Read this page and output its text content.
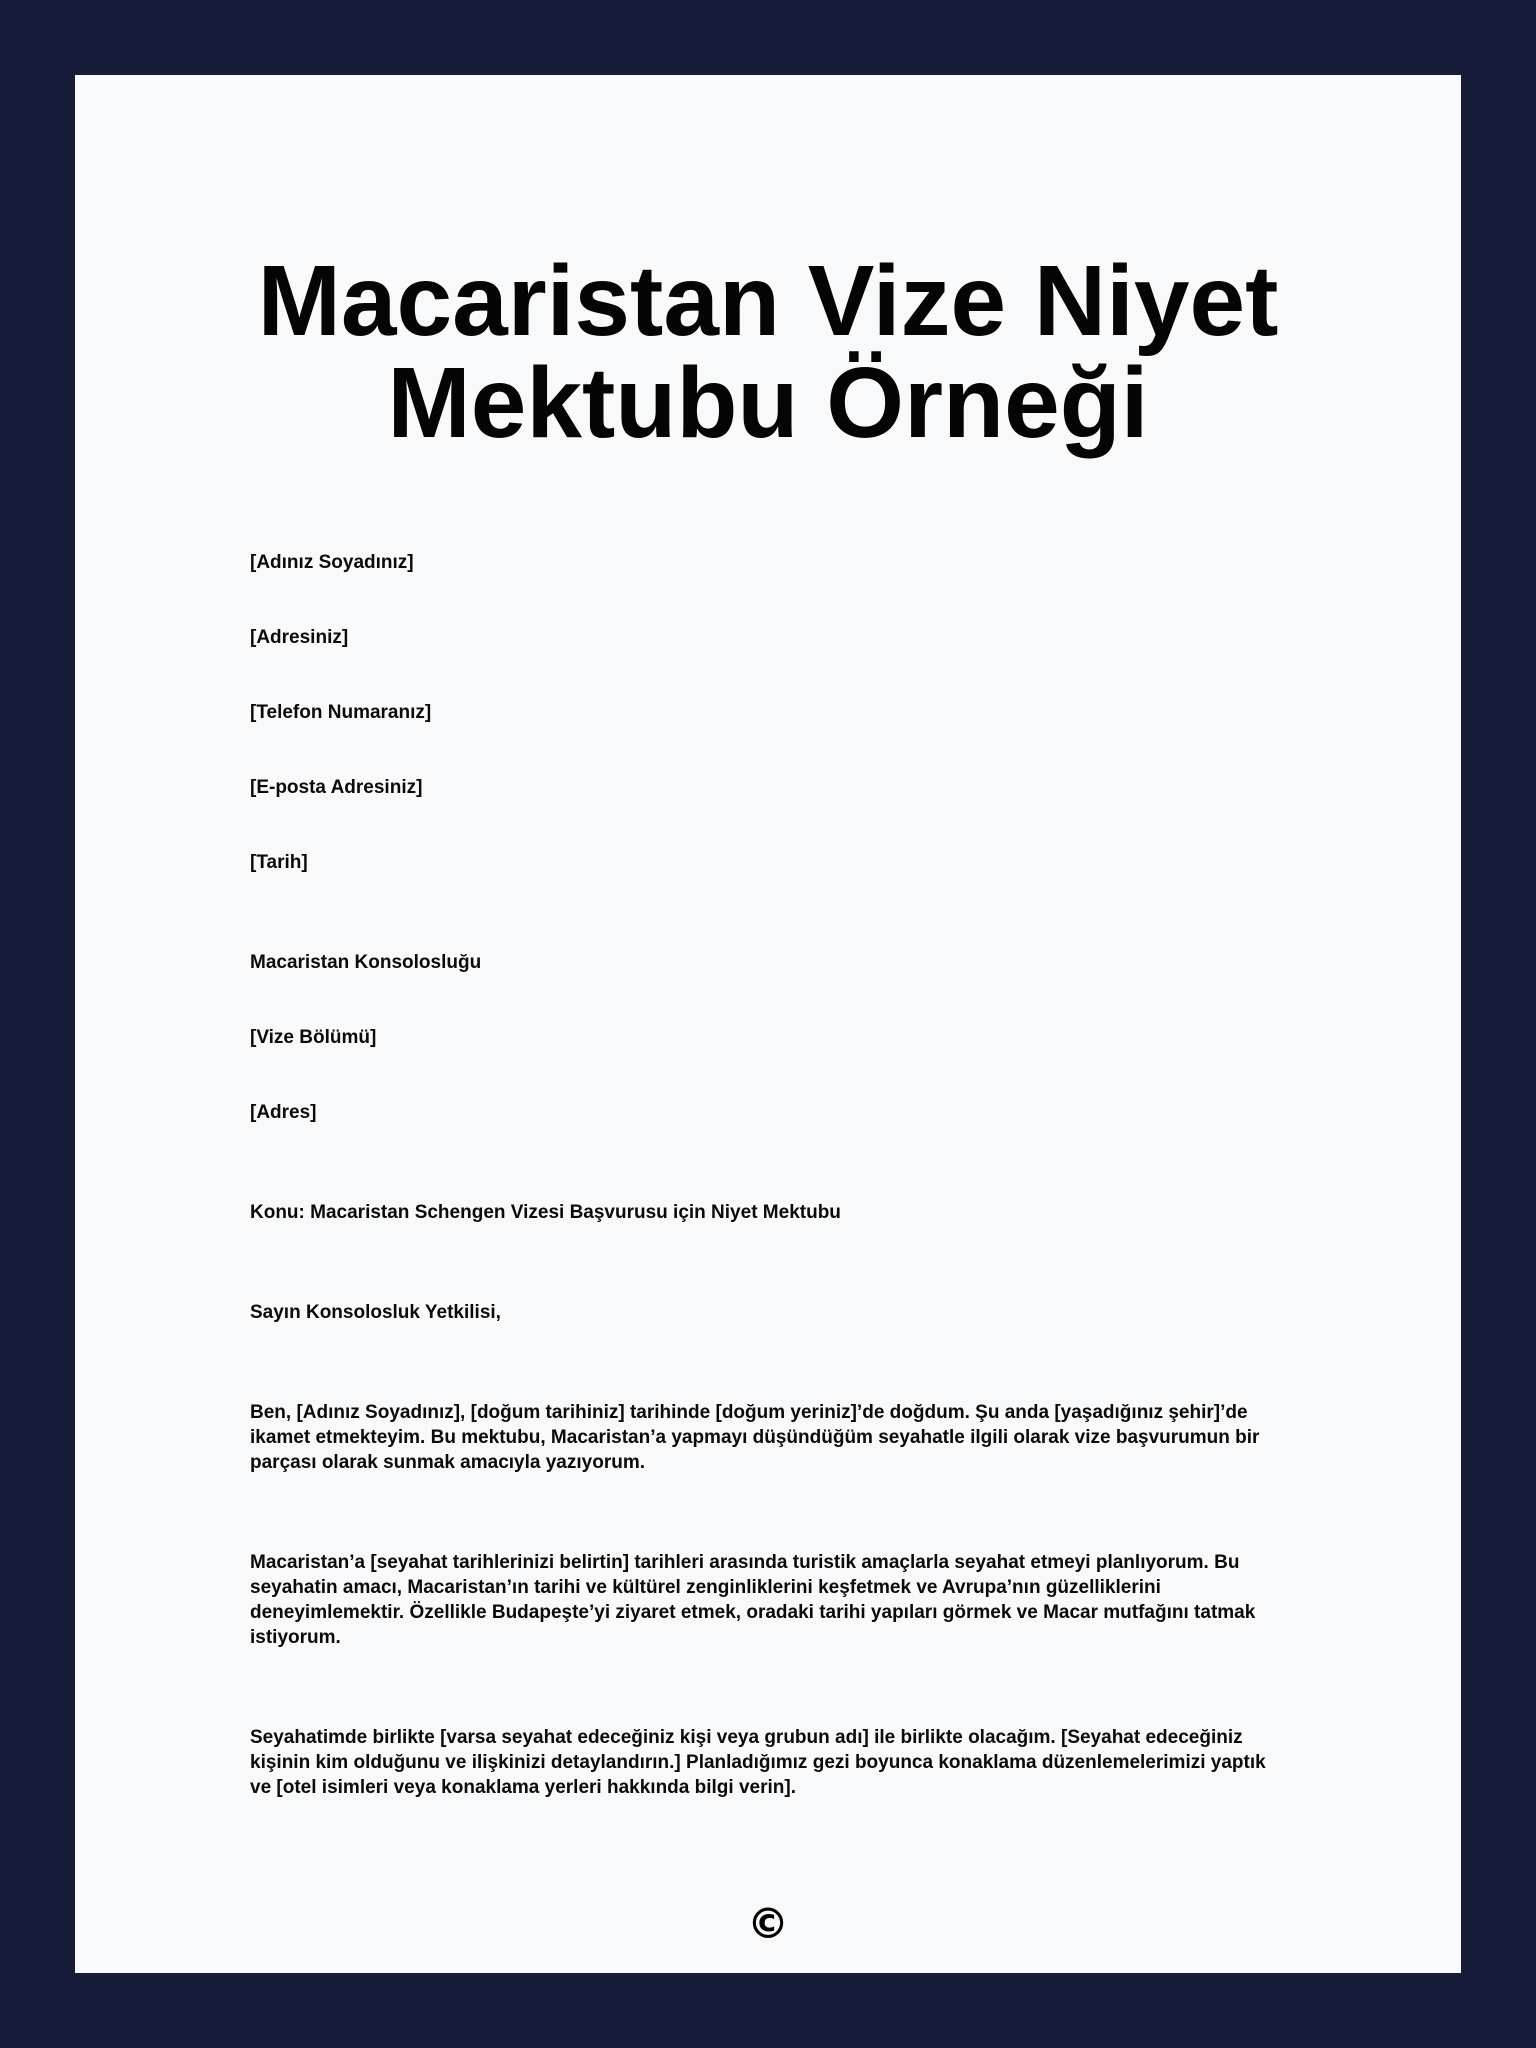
Macaristan Vize Niyet
Mektubu Örneği

[Adınız Soyadınız]

[Adresiniz]

[Telefon Numaranız]

[E-posta Adresiniz]

[Tarih]

Macaristan Konsolosluğu

[Vize Bölümü]

[Adres]

Konu: Macaristan Schengen Vizesi Başvurusu için Niyet Mektubu

Sayın Konsolosluk Yetkilisi,

Ben, [Adınız Soyadınız], [doğum tarihiniz] tarihinde [doğum yeriniz]’de doğdum. Şu anda [yaşadığınız şehir]’de ikamet etmekteyim. Bu mektubu, Macaristan’a yapmayı düşündüğüm seyahatle ilgili olarak vize başvurumun bir parçası olarak sunmak amacıyla yazıyorum.

Macaristan’a [seyahat tarihlerinizi belirtin] tarihleri arasında turistik amaçlarla seyahat etmeyi planlıyorum. Bu seyahatin amacı, Macaristan’ın tarihi ve kültürel zenginliklerini keşfetmek ve Avrupa’nın güzelliklerini deneyimlemektir. Özellikle Budapeşte’yi ziyaret etmek, oradaki tarihi yapıları görmek ve Macar mutfağını tatmak istiyorum.

Seyahatimde birlikte [varsa seyahat edeceğiniz kişi veya grubun adı] ile birlikte olacağım. [Seyahat edeceğiniz kişinin kim olduğunu ve ilişkinizi detaylandırın.] Planladığımız gezi boyunca konaklama düzenlemelerimizi yaptık ve [otel isimleri veya konaklama yerleri hakkında bilgi verin].

©
